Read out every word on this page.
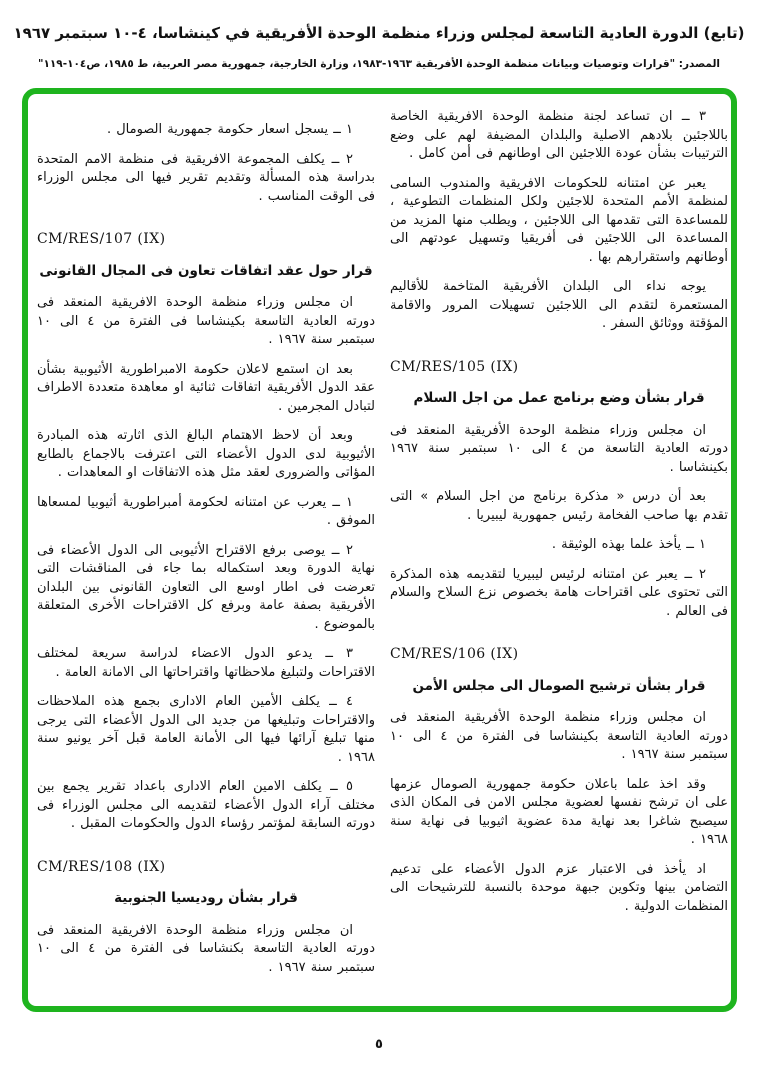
(تابع) الدورة العادية التاسعة لمجلس وزراء منظمة الوحدة الأفريقية في كينشاسا، ٤-١٠ سبتمبر ١٩٦٧
المصدر: "قرارات وتوصيات وبيانات منظمة الوحدة الأفريقية ١٩٦٣-١٩٨٣، وزارة الخارجية، جمهورية مصر العربية، ط ١٩٨٥، ص١٠٤-١١٩"
٣ ــ ان تساعد لجنة منظمة الوحدة الافريقية الخاصة باللاجئين بلادهم الاصلية والبلدان المضيفة لهم على وضع الترتيبات بشأن عودة اللاجئين الى اوطانهم فى أمن كامل .
يعبر عن امتنانه للحكومات الافريقية والمندوب السامى لمنظمة الأمم المتحدة للاجئين ولكل المنظمات التطوعية ، للمساعدة التى تقدمها الى اللاجئين ، ويطلب منها المزيد من المساعدة الى اللاجئين فى أفريقيا وتسهيل عودتهم الى أوطانهم واستقرارهم بها .
يوجه نداء الى البلدان الأفريقية المتاخمة للأقاليم المستعمرة لتقدم الى اللاجئين تسهيلات المرور والاقامة المؤقتة ووثائق السفر .
CM/RES/105 (IX)
قرار بشأن وضع برنامج عمل من اجل السلام
ان مجلس وزراء منظمة الوحدة الأفريقية المنعقد فى دورته العادية التاسعة من ٤ الى ١٠ سبتمبر سنة ١٩٦٧ بكينشاسا .
بعد أن درس « مذكرة برنامج من اجل السلام » التى تقدم بها صاحب الفخامة رئيس جمهورية ليبيريا .
١ ــ يأخذ علما بهذه الوثيقة .
٢ ــ يعبر عن امتنانه لرئيس ليبيريا لتقديمه هذه المذكرة التى تحتوى على اقتراحات هامة بخصوص نزع السلاح والسلام فى العالم .
CM/RES/106 (IX)
قرار بشأن ترشيح الصومال الى مجلس الأمن
ان مجلس وزراء منظمة الوحدة الأفريقية المنعقد فى دورته العادية التاسعة بكينشاسا فى الفترة من ٤ الى ١٠ سبتمبر سنة ١٩٦٧ .
وقد اخذ علما باعلان حكومة جمهورية الصومال عزمها على ان ترشح نفسها لعضوية مجلس الامن فى المكان الذى سيصبح شاغرا بعد نهاية مدة عضوية اثيوبيا فى نهاية سنة ١٩٦٨ .
اد يأخذ فى الاعتبار عزم الدول الأعضاء على تدعيم التضامن بينها وتكوين جبهة موحدة بالنسبة للترشيحات الى المنظمات الدولية .
١ ــ يسجل اسعار حكومة جمهورية الصومال .
٢ ــ يكلف المجموعة الافريقية فى منظمة الامم المتحدة بدراسة هذه المسألة وتقديم تقرير فيها الى مجلس الوزراء فى الوقت المناسب .
CM/RES/107 (IX)
قرار حول عقد اتفاقات تعاون فى المجال القانونى
ان مجلس وزراء منظمة الوحدة الافريقية المنعقد فى دورته العادية التاسعة بكينشاسا فى الفترة من ٤ الى ١٠ سبتمبر سنة ١٩٦٧ .
بعد ان استمع لاعلان حكومة الامبراطورية الأثيوبية بشأن عقد الدول الأفريقية اتفاقات ثنائية او معاهدة متعددة الاطراف لتبادل المجرمين .
وبعد أن لاحظ الاهتمام البالغ الذى اثارته هذه المبادرة الأثيوبية لدى الدول الأعضاء التى اعترفت بالاجماع بالطابع المؤاتى والضرورى لعقد مثل هذه الاتفاقات او المعاهدات .
١ ــ يعرب عن امتنانه لحكومة أمبراطورية أثيوبيا لمسعاها الموفق .
٢ ــ يوصى برفع الاقتراح الأثيوبى الى الدول الأعضاء فى نهاية الدورة وبعد استكماله بما جاء فى المناقشات التى تعرضت فى اطار اوسع الى التعاون القانونى بين البلدان الأفريقية بصفة عامة وبرفع كل الاقتراحات الأخرى المتعلقة بالموضوع .
٣ ــ يدعو الدول الاعضاء لدراسة سريعة لمختلف الاقتراحات ولتبليغ ملاحظاتها واقتراحاتها الى الامانة العامة .
٤ ــ يكلف الأمين العام الادارى بجمع هذه الملاحظات والاقتراحات وتبليغها من جديد الى الدول الأعضاء التى يرجى منها تبليغ آرائها فيها الى الأمانة العامة قبل آخر يونيو سنة ١٩٦٨ .
٥ ــ يكلف الامين العام الادارى باعداد تقرير يجمع بين مختلف آراء الدول الأعضاء لتقديمه الى مجلس الوزراء فى دورته السابقة لمؤتمر رؤساء الدول والحكومات المقبل .
CM/RES/108 (IX)
قرار بشأن روديسيا الجنوبية
ان مجلس وزراء منظمة الوحدة الافريقية المنعقد فى دورته العادية التاسعة بكنشاسا فى الفترة من ٤ الى ١٠ سبتمبر سنة ١٩٦٧ .
٥
